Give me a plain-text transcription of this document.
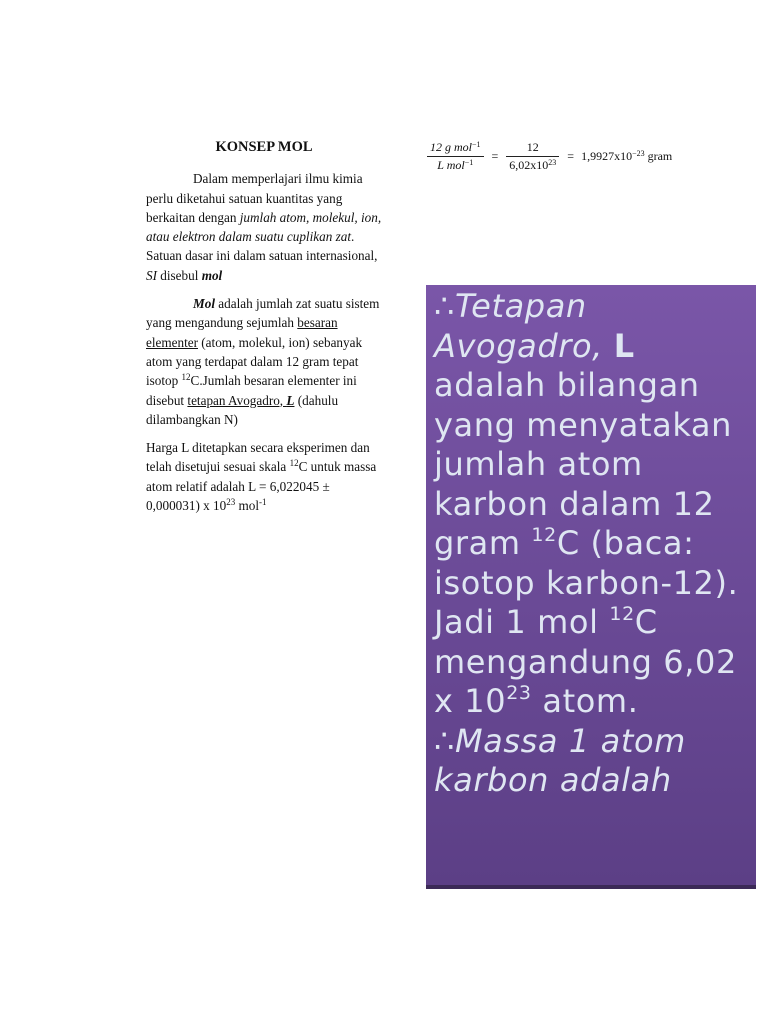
KONSEP MOL
Dalam memperlajari ilmu kimia perlu diketahui satuan kuantitas yang berkaitan dengan jumlah atom, molekul, ion, atau elektron dalam suatu cuplikan zat. Satuan dasar ini dalam satuan internasional, SI disebul mol
Mol adalah jumlah zat suatu sistem yang mengandung sejumlah besaran elementer (atom, molekul, ion) sebanyak atom yang terdapat dalam 12 gram tepat isotop $^{12}$C.Jumlah besaran elementer ini disebut tetapan Avogadro, L (dahulu dilambangkan N)
Harga L ditetapkan secara eksperimen dan telah disetujui sesuai skala $^{12}$C untuk massa atom relatif adalah L = 6,022045 ± 0,000031) x $10^{23}$ mol$^{-1}$
$\frac{12 g mol^{-1}}{L mol^{-1}} = \frac{12}{6,02x10^{23}} = 1,9927x10^{-23}$ gram
∴Tetapan Avogadro, L adalah bilangan yang menyatakan jumlah atom karbon dalam 12 gram $^{12}$C (baca: isotop karbon-12). Jadi 1 mol $^{12}$C mengandung 6,02 x $10^{23}$ atom.
∴Massa 1 atom karbon adalah
